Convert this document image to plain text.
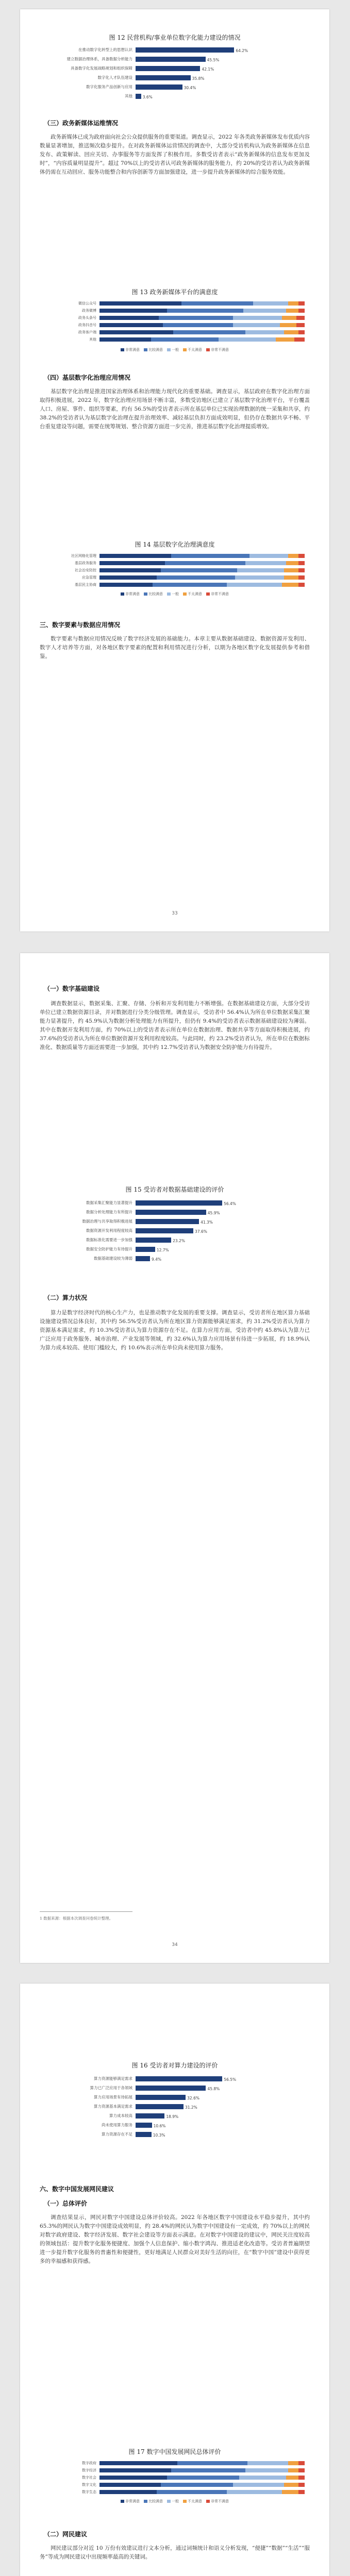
图 12 民营机构/事业单位数字化能力建设的情况
在推动数字化转型上的思想认识	64.2%
建立数据治理体系，具备数据分析能力	45.5%
具备数字化发展战略规划和组织保障	42.1%
数字化人才队伍建设	35.8%
数字化服务产品创新与应用	30.4%
其他	3.6%
（三）政务新媒体运维情况
政务新媒体已成为政府面向社会公众提供服务的重要渠道。调查显示，2022 年各类政务新媒体发布优质内容数量显著增加，推送频次稳步提升。在对政务新媒体运营情况的调查中，大部分受访机构认为政务新媒体在信息发布、政策解读、回应关切、办事服务等方面发挥了积极作用。多数受访者表示“政务新媒体的信息发布更加及时”，“内容质量明显提升”。超过 70%以上的受访者认可政务新媒体的服务能力，约 20%的受访者认为政务新媒体仍需在互动回应、服务功能整合和内容创新等方面加强建设，进一步提升政务新媒体的综合服务效能。
图 13 政务新媒体平台的满意度
微信公众号
政务微博
政务头条号
政务抖音号
政务客户端
其他
非常满意 比较满意 一般 不太满意 非常不满意
（四）基层数字化治理应用情况
基层数字化治理是推进国家治理体系和治理能力现代化的重要基础。调查显示，基层政府在数字化治理方面取得积极进展，2022 年，数字化治理应用场景不断丰富，多数受访地区已建立了基层数字化治理平台，平台覆盖人口、房屋、事件、组织等要素，约有 56.5%的受访者表示所在基层单位已实现治理数据的统一采集和共享，约 38.2%的受访者认为基层数字化治理在提升治理效率、减轻基层负担方面成效明显，但仍存在数据共享不畅、平台重复建设等问题，需要在统筹规划、整合资源方面进一步完善，推进基层数字化治理提质增效。
图 14 基层数字化治理满意度
社区网格化管理
基层政务服务
社会治安防控
应急管理
基层民主协商
非常满意 比较满意 一般 不太满意 非常不满意
三、数字要素与数据应用情况
数字要素与数据应用情况反映了数字经济发展的基础能力。本章主要从数据基础建设、数据资源开发利用、数字人才培养等方面，对各地区数字要素的配置和利用情况进行分析，以期为各地区数字化发展提供参考和借鉴。
33
（一）数字基础建设
调查数据显示，数据采集、汇聚、存储、分析和开发利用能力不断增强。在数据基础建设方面，大部分受访单位已建立数据资源目录，并对数据进行分类分级管理。调查显示，受访者中 56.4%认为所在单位数据采集汇聚能力显著提升，约 45.9%认为数据分析处理能力有所提升，但仍有 9.4%的受访者表示数据基础建设较为薄弱。其中在数据开发利用方面，约 70%以上的受访者表示所在单位在数据治理、数据共享等方面取得积极进展，约 37.6%的受访者认为所在单位数据资源开发利用程度较高。与此同时，约 23.2%受访者认为，所在单位在数据标准化、数据质量等方面还需要进一步加强，其中约 12.7%受访者认为数据安全防护能力有待提升。
图 15 受访者对数据基础建设的评价
数据采集汇聚能力显著提升	56.4%
数据分析处理能力有所提升	45.9%
数据治理与共享取得积极进展	41.3%
数据资源开发利用程度较高	37.6%
数据标准化需要进一步加强	23.2%
数据安全防护能力有待提升	12.7%
数据基础建设较为薄弱	9.4%
（二）算力状况
算力是数字经济时代的核心生产力，也是推动数字化发展的重要支撑。调查显示，受访者所在地区算力基础设施建设情况总体良好，其中约 56.5%受访者认为所在地区算力资源能够满足需求，约 31.2%受访者认为算力资源基本满足需求，约 10.3%受访者认为算力资源存在不足。在算力应用方面，受访者中约 45.8%认为算力已广泛应用于政务服务、城市治理、产业发展等领域，约 32.6%认为算力应用场景有待进一步拓展，约 18.9%认为算力成本较高、使用门槛较大，约 10.6%表示所在单位尚未使用算力服务。
1 数据来源：根据本次调查问卷统计整理。
34
图 16 受访者对算力建设的评价
算力资源能够满足需求	56.5%
算力已广泛应用于各领域	45.8%
算力应用场景有待拓展	32.6%
算力资源基本满足需求	31.2%
算力成本较高	18.9%
尚未使用算力服务	10.6%
算力资源存在不足	10.3%
六、数字中国发展网民建议
（一）总体评价
调查结果显示，网民对数字中国建设总体评价较高。2022 年各地区数字中国建设水平稳步提升，其中约 65.3%的网民认为数字中国建设成效明显，约 28.4%的网民认为数字中国建设有一定成效，约 70%以上的网民对数字政府建设、数字经济发展、数字社会建设等方面表示满意。在对数字中国建设的建议中，网民关注度较高的领域包括：提升数字化服务便捷度、加强个人信息保护、缩小数字鸿沟、推进适老化改造等。受访者普遍期望进一步提升数字化服务的普惠性和便捷性，更好地满足人民群众对美好生活的向往，在“数字中国”建设中获得更多的幸福感和获得感。
图 17 数字中国发展网民总体评价
数字政府
数字经济
数字社会
数字文化
数字生态
非常满意 比较满意 一般 不太满意 非常不满意
（二）网民建议
网民建议部分对近 10 万份有效建议进行文本分析，通过词频统计和语义分析发现，“便捷”“数据”“生活”“服务”等成为网民建议中出现频率最高的关键词。
